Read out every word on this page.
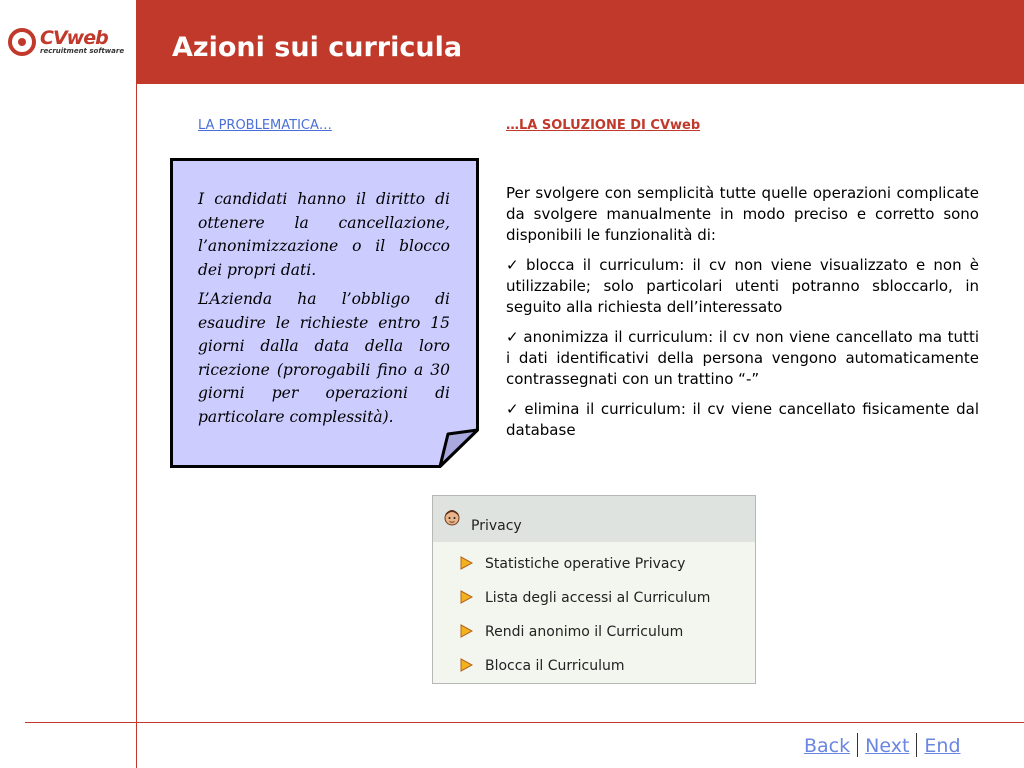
CVweb
recruitment software Azioni sui curricula
LA PROBLEMATICA…	…LA SOLUZIONE DI CVweb

I candidati hanno il diritto di ottenere la cancellazione, l’anonimizzazione o il blocco dei propri dati.

L’Azienda ha l’obbligo di esaudire le richieste entro 15 giorni dalla data della loro ricezione (prorogabili fino a 30 giorni per operazioni di particolare complessità).

Per svolgere con semplicità tutte quelle operazioni complicate da svolgere manualmente in modo preciso e corretto sono disponibili le funzionalità di:

✓ blocca il curriculum: il cv non viene visualizzato e non è utilizzabile; solo particolari utenti potranno sbloccarlo, in seguito alla richiesta dell’interessato

✓ anonimizza il curriculum: il cv non viene cancellato ma tutti i dati identificativi della persona vengono automaticamente contrassegnati con un trattino “-”

✓ elimina il curriculum: il cv viene cancellato fisicamente dal database

Privacy
Statistiche operative Privacy
Lista degli accessi al Curriculum
Rendi anonimo il Curriculum
Blocca il Curriculum
Back Next End
